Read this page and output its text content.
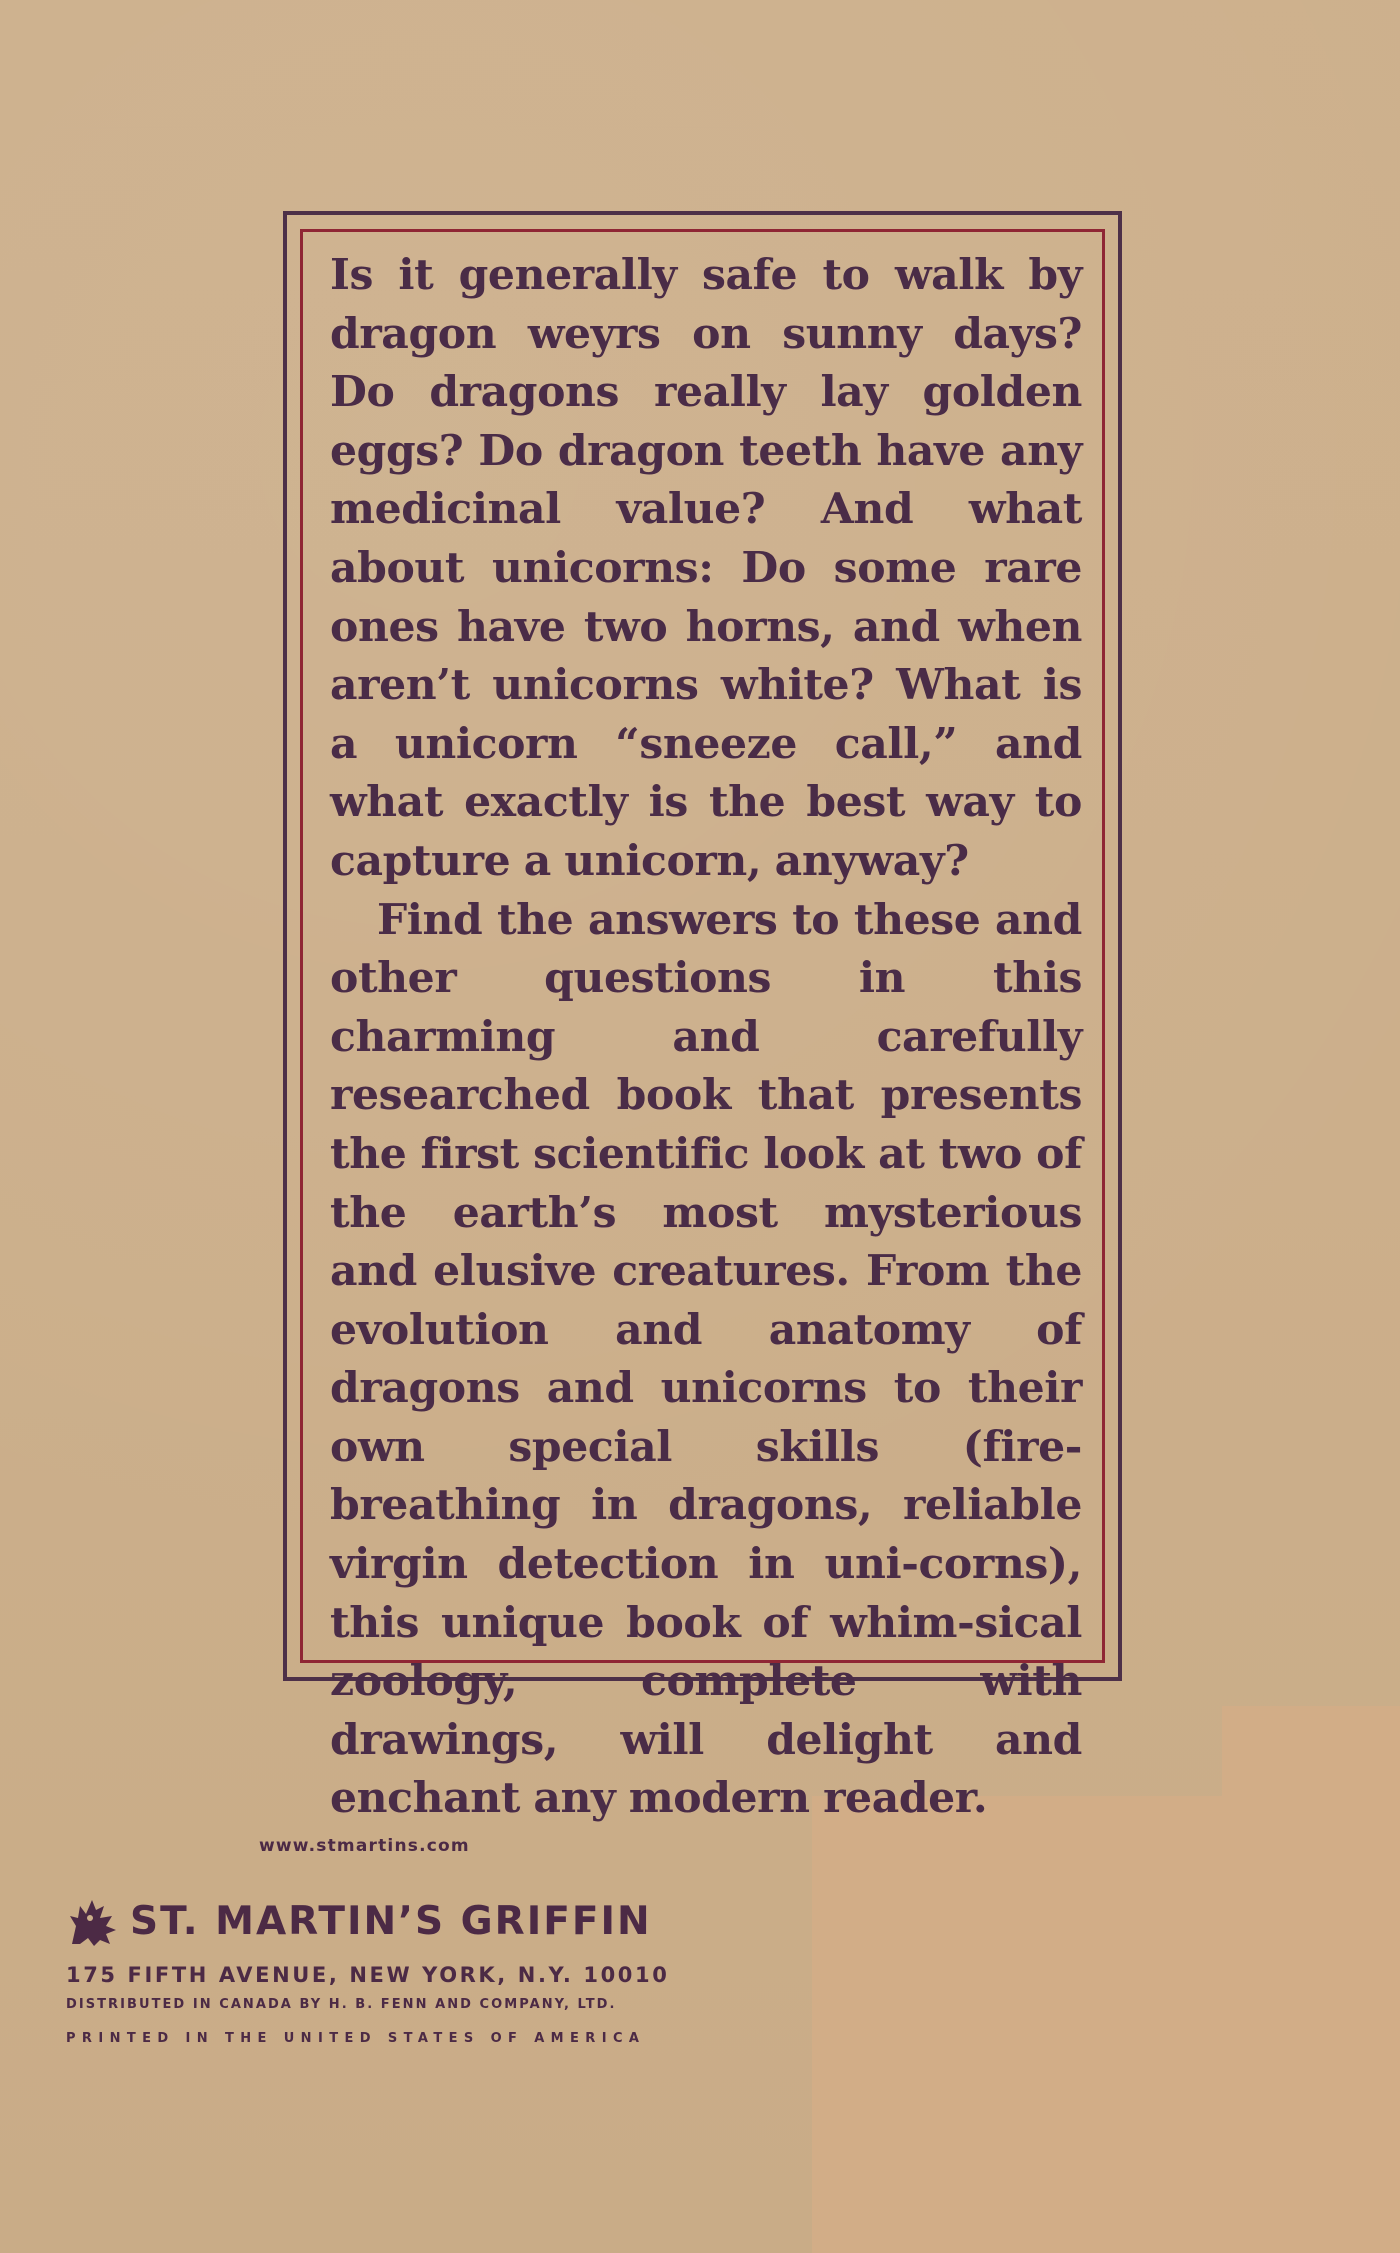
Is it generally safe to walk by dragon weyrs on sunny days? Do dragons really lay golden eggs? Do dragon teeth have any medicinal value? And what about unicorns: Do some rare ones have two horns, and when aren’t unicorns white? What is a unicorn “sneeze call,” and what exactly is the best way to capture a unicorn, anyway?

Find the answers to these and other questions in this charming and carefully researched book that presents the first scientific look at two of the earth’s most mysterious and elusive creatures. From the evolution and anatomy of dragons and unicorns to their own special skills (fire-breathing in dragons, reliable virgin detection in uni-corns), this unique book of whim-sical zoology, complete with drawings, will delight and enchant any modern reader.

www.stmartins.com
ST. MARTIN’S GRIFFIN
175 FIFTH AVENUE, NEW YORK, N.Y. 10010
DISTRIBUTED IN CANADA BY H. B. FENN AND COMPANY, LTD.
PRINTED IN THE UNITED STATES OF AMERICA
